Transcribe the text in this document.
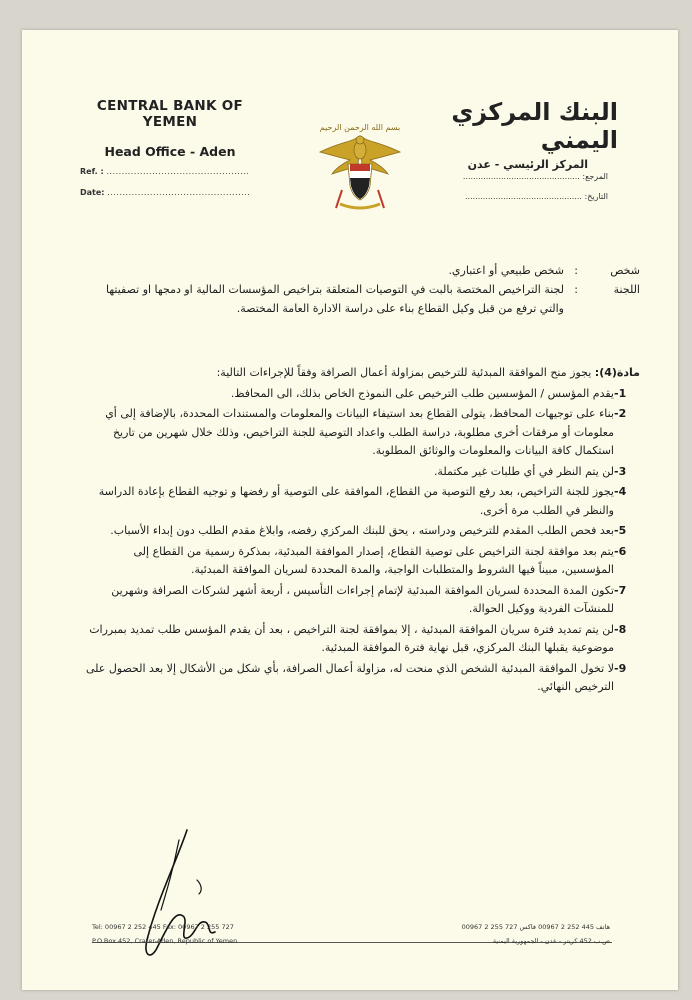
CENTRAL BANK OF YEMEN
Head Office - Aden
Ref. : ...............................................
Date: ...............................................
بسم الله الرحمن الرحيم
البنك المركزي اليمني
المركز الرئيسي - عدن
المرجع: ..............................................
التاريخ: ..............................................
شخص
:
شخص طبيعي أو اعتباري.
اللجنة
:
لجنة التراخيص المختصة بالبت في التوصيات المتعلقة بتراخيص المؤسسات المالية او دمجها او تصفيتها والتي ترفع من قبل وكيل القطاع بناء على دراسة الادارة العامة المختصة.
مادة(4): يجوز منح الموافقة المبدئية للترخيص بمزاولة أعمال الصرافة وفقاً للإجراءات التالية:
-1
يقدم المؤسس / المؤسسين طلب الترخيص على النموذج الخاص بذلك، الى المحافظ.
-2
بناء على توجيهات المحافظ، يتولى القطاع بعد استيفاء البيانات والمعلومات والمستندات المحددة، بالإضافة إلى أي معلومات أو مرفقات أخرى مطلوبة، دراسة الطلب واعداد التوصية للجنة التراخيص، وذلك خلال شهرين من تاريخ استكمال كافة البيانات والمعلومات والوثائق المطلوبة.
-3
لن يتم النظر في أي طلبات غير مكتملة.
-4
يجوز للجنة التراخيص، بعد رفع التوصية من القطاع، الموافقة على التوصية أو رفضها و توجيه القطاع بإعادة الدراسة والنظر في الطلب مرة أخرى.
-5
بعد فحص الطلب المقدم للترخيص ودراسته ، يحق للبنك المركزي رفضه، وابلاغ مقدم الطلب دون إبداء الأسباب.
-6
يتم بعد موافقة لجنة التراخيص على توصية القطاع، إصدار الموافقة المبدئية، بمذكرة رسمية من القطاع إلى المؤسسين، مبيناً فيها الشروط والمتطلبات الواجبة، والمدة المحددة لسريان الموافقة المبدئية.
-7
تكون المدة المحددة لسريان الموافقة المبدئية لإتمام إجراءات التأسيس ، أربعة أشهر لشركات الصرافة وشهرين للمنشآت الفردية ووكيل الحوالة.
-8
لن يتم تمديد فترة سريان الموافقة المبدئية ، إلا بموافقة لجنة التراخيص ، بعد أن يقدم المؤسس طلب تمديد بمبررات موضوعية يقبلها البنك المركزي، قبل نهاية فترة الموافقة المبدئية.
-9
لا تخول الموافقة المبدئية الشخص الذي منحت له، مزاولة أعمال الصرافة، بأي شكل من الأشكال إلا بعد الحصول على الترخيص النهائي.
Tel: 00967 2 252 445 Fax: 00967 2 255 727
P.O.Box 452, Crater-Aden, Republic of Yemen
هاتف 445 252 2 00967 فاكس 727 255 2 00967
ص.ب 452 كريتر - عدن - الجمهورية اليمنية
